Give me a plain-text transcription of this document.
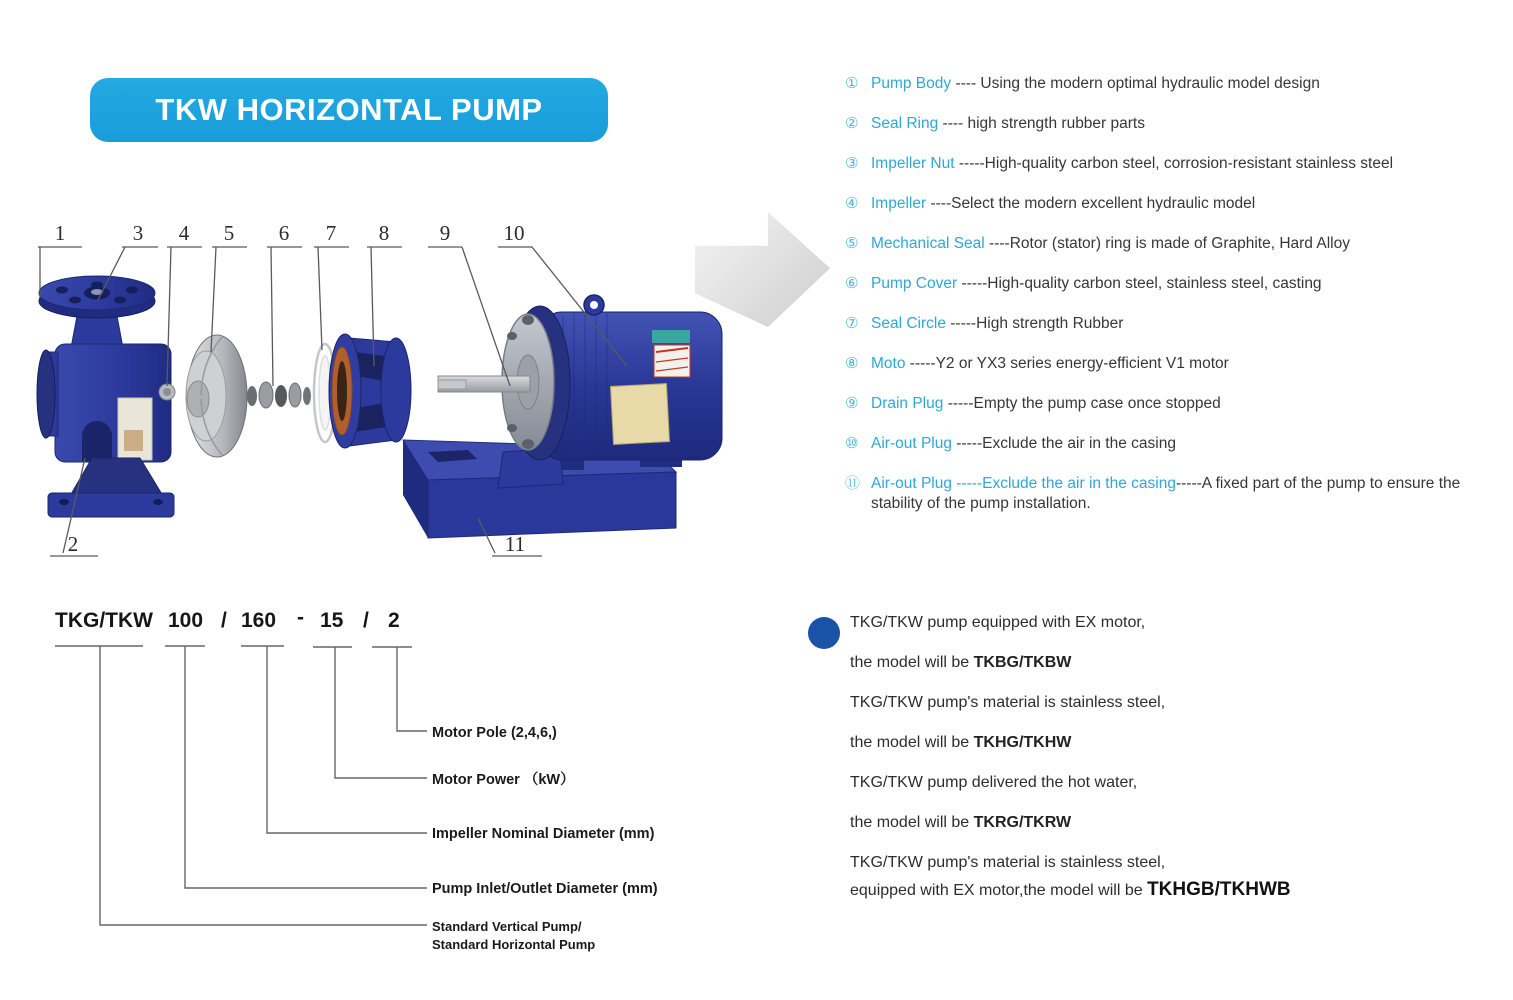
TKW HORIZONTAL PUMP
1	3 4 5 6 7 8 9	10
2	11
① Pump Body ---- Using the modern optimal hydraulic model design
② Seal Ring ---- high strength rubber parts
③ Impeller Nut -----High-quality carbon steel, corrosion-resistant stainless steel
④ Impeller ----Select the modern excellent hydraulic model
⑤ Mechanical Seal ----Rotor (stator) ring is made of Graphite, Hard Alloy
⑥ Pump Cover -----High-quality carbon steel, stainless steel, casting
⑦ Seal Circle -----High strength Rubber
⑧ Moto -----Y2 or YX3 series energy-efficient V1 motor
⑨ Drain Plug -----Empty the pump case once stopped
⑩ Air-out Plug -----Exclude the air in the casing
⑪ Air-out Plug -----Exclude the air in the casing-----A fixed part of the pump to ensure the stability of the pump installation.
TKG/TKW 100 / 160 - 15 / 2
Motor Pole (2,4,6,)
Motor Power （kW）
Impeller Nominal Diameter (mm)
Pump Inlet/Outlet Diameter (mm)
Standard Vertical Pump/
Standard Horizontal Pump
TKG/TKW pump equipped with EX motor,
the model will be TKBG/TKBW
TKG/TKW pump's material is stainless steel,
the model will be TKHG/TKHW
TKG/TKW pump delivered the hot water,
the model will be TKRG/TKRW
TKG/TKW pump's material is stainless steel,
equipped with EX motor,the model will be TKHGB/TKHWB
